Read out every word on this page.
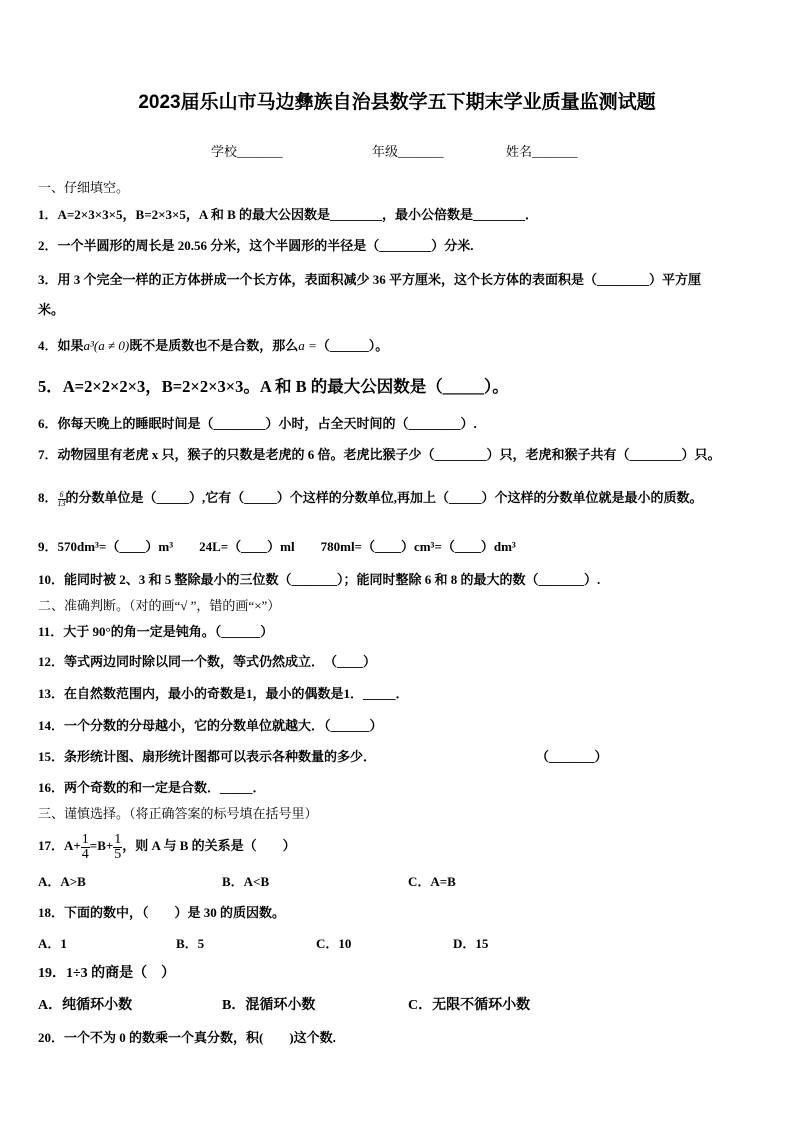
2023届乐山市马边彝族自治县数学五下期末学业质量监测试题
学校_______	年级_______	姓名_______
一、仔细填空。
1．A=2×3×3×5，B=2×3×5，A 和 B 的最大公因数是________，最小公倍数是________．
2．一个半圆形的周长是 20.56 分米，这个半圆形的半径是（________）分米.
3．用 3 个完全一样的正方体拼成一个长方体，表面积减少 36 平方厘米，这个长方体的表面积是（________）平方厘
米。
4．如果a³(a ≠ 0)既不是质数也不是合数，那么a =（______）。
5．A=2×2×2×3，B=2×2×3×3。A 和 B 的最大公因数是（_____）。
6．你每天晚上的睡眠时间是（________）小时，占全天时间的（________）.
7．动物园里有老虎 x 只，猴子的只数是老虎的 6 倍。老虎比猴子少（________）只，老虎和猴子共有（________）只。
8． $\frac{6}{13}$ 的分数单位是（_____）,它有（_____）个这样的分数单位,再加上（_____）个这样的分数单位就是最小的质数。
9．570dm³=（____）m³　　24L=（____）ml　　780ml=（____）cm³=（____）dm³
10．能同时被 2、3 和 5 整除最小的三位数（_______）；能同时整除 6 和 8 的最大的数（_______）.
二、准确判断。（对的画“√ ”，错的画“×”）
11．大于 90°的角一定是钝角。（______）
12．等式两边同时除以同一个数，等式仍然成立．　（____）
13．在自然数范围内，最小的奇数是1，最小的偶数是1．_____．
14．一个分数的分母越小，它的分数单位就越大．（______）
15．条形统计图、扇形统计图都可以表示各种数量的多少．	（_______）
16．两个奇数的和一定是合数．_____．
三、谨慎选择。（将正确答案的标号填在括号里）
17．$A+ \frac{1}{4} =B+ \frac{1}{5}$ ，则 A 与 B 的关系是（　　）
A．A>B	B．A<B	C．A=B
18．下面的数中，（　　）是 30 的质因数。
A．1	B．5	C．10	D．15
19．1÷3 的商是（　）
A．纯循环小数	B．混循环小数	C．无限不循环小数
20．一个不为 0 的数乘一个真分数，积(　　)这个数.
